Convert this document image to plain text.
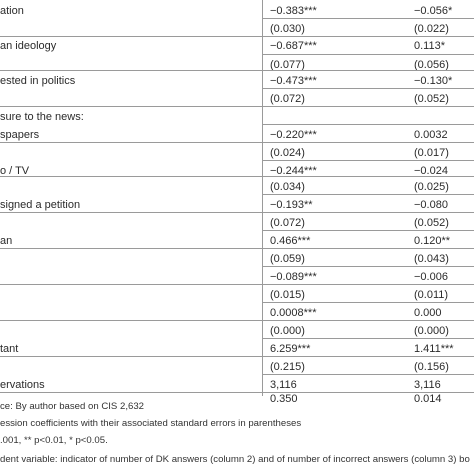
ation	−0.383***	−0.056*
(0.030)	(0.022)
an ideology	−0.687***	0.113*
(0.077)	(0.056)
ested in politics	−0.473***	−0.130*
(0.072)	(0.052)
sure to the news:
spapers	−0.220***	0.0032
(0.024)	(0.017)
o / TV	−0.244***	−0.024
(0.034)	(0.025)
signed a petition	−0.193**	−0.080
(0.072)	(0.052)
an	0.466***	0.120**
(0.059)	(0.043)
−0.089***	−0.006
(0.015)	(0.011)
0.0008***	0.000
(0.000)	(0.000)
tant	6.259***	1.411***
(0.215)	(0.156)
ervations	3,116	3,116
0.350	0.014
ce: By author based on CIS 2,632
ession coefficients with their associated standard errors in parentheses
.001, ** p<0.01, * p<0.05.
dent variable: indicator of number of DK answers (column 2) and of number of incorrect answers (column 3) bo
